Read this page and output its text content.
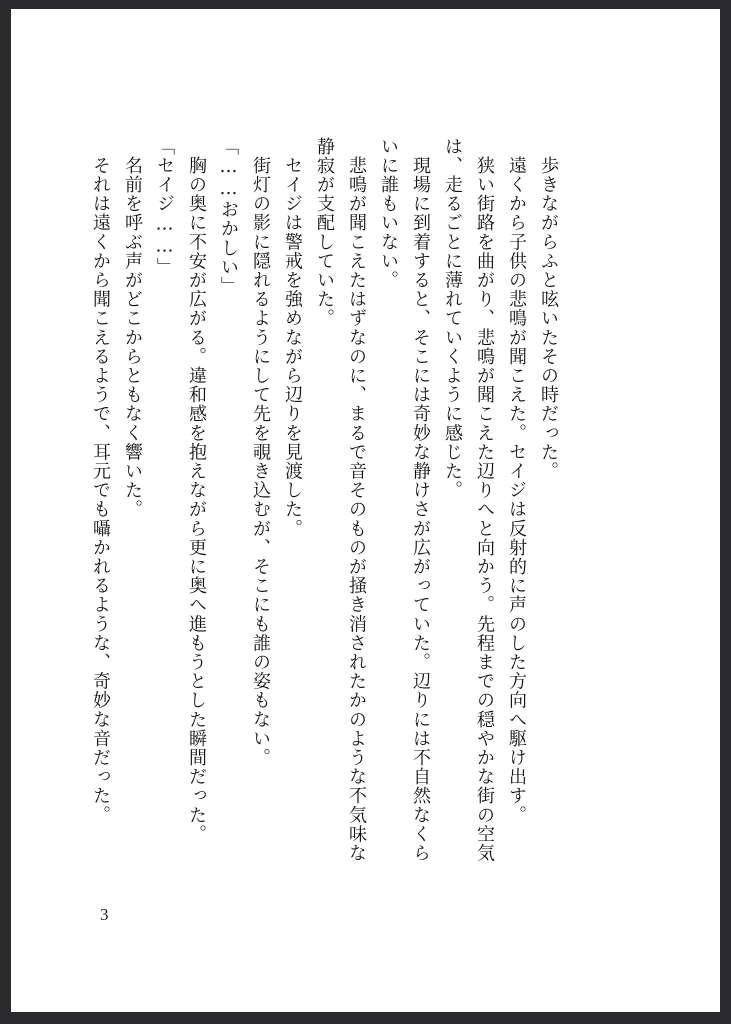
　歩きながらふと呟いたその時だった。

　遠くから子供の悲鳴が聞こえた。セイジは反射的に声のした方向へ駆け出す。

　狭い街路を曲がり、悲鳴が聞こえた辺りへと向かう。先程までの穏やかな街の空気

は、走るごとに薄れていくように感じた。

　現場に到着すると、そこには奇妙な静けさが広がっていた。辺りには不自然なくら

いに誰もいない。

　悲鳴が聞こえたはずなのに、まるで音そのものが掻き消されたかのような不気味な

静寂が支配していた。

　セイジは警戒を強めながら辺りを見渡した。

　街灯の影に隠れるようにして先を覗き込むが、そこにも誰の姿もない。

「……おかしい」

　胸の奥に不安が広がる。違和感を抱えながら更に奥へ進もうとした瞬間だった。

「セイジ……」

　名前を呼ぶ声がどこからともなく響いた。

　それは遠くから聞こえるようで、耳元でも囁かれるような、奇妙な音だった。

3
